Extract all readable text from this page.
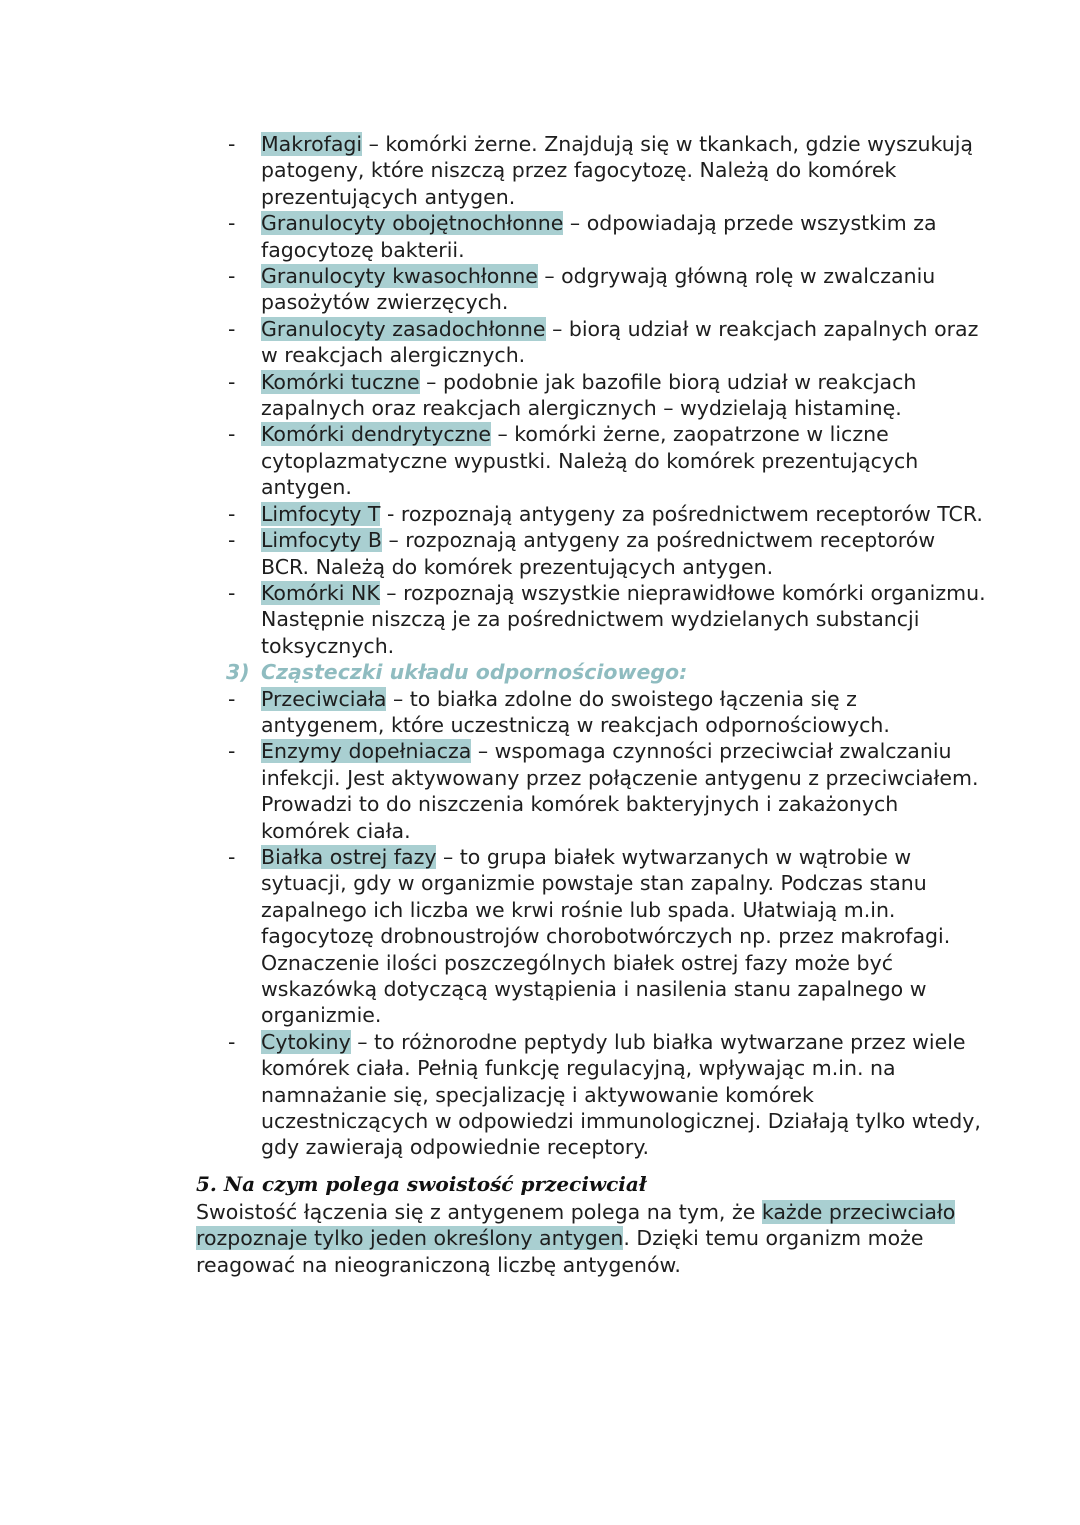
- Makrofagi – komórki żerne. Znajdują się w tkankach, gdzie wyszukują patogeny, które niszczą przez fagocytozę. Należą do komórek prezentujących antygen.
- Granulocyty obojętnochłonne – odpowiadają przede wszystkim za fagocytozę bakterii.
- Granulocyty kwasochłonne – odgrywają główną rolę w zwalczaniu pasożytów zwierzęcych.
- Granulocyty zasadochłonne – biorą udział w reakcjach zapalnych oraz w reakcjach alergicznych.
- Komórki tuczne – podobnie jak bazofile biorą udział w reakcjach zapalnych oraz reakcjach alergicznych – wydzielają histaminę.
- Komórki dendrytyczne – komórki żerne, zaopatrzone w liczne cytoplazmatyczne wypustki. Należą do komórek prezentujących antygen.
- Limfocyty T - rozpoznają antygeny za pośrednictwem receptorów TCR.
- Limfocyty B – rozpoznają antygeny za pośrednictwem receptorów BCR. Należą do komórek prezentujących antygen.
- Komórki NK – rozpoznają wszystkie nieprawidłowe komórki organizmu. Następnie niszczą je za pośrednictwem wydzielanych substancji toksycznych.
3) Cząsteczki układu odpornościowego:
- Przeciwciała – to białka zdolne do swoistego łączenia się z antygenem, które uczestniczą w reakcjach odpornościowych.
- Enzymy dopełniacza – wspomaga czynności przeciwciał zwalczaniu infekcji. Jest aktywowany przez połączenie antygenu z przeciwciałem. Prowadzi to do niszczenia komórek bakteryjnych i zakażonych komórek ciała.
- Białka ostrej fazy – to grupa białek wytwarzanych w wątrobie w sytuacji, gdy w organizmie powstaje stan zapalny. Podczas stanu zapalnego ich liczba we krwi rośnie lub spada. Ułatwiają m.in. fagocytozę drobnoustrojów chorobotwórczych np. przez makrofagi. Oznaczenie ilości poszczególnych białek ostrej fazy może być wskazówką dotyczącą wystąpienia i nasilenia stanu zapalnego w organizmie.
- Cytokiny – to różnorodne peptydy lub białka wytwarzane przez wiele komórek ciała. Pełnią funkcję regulacyjną, wpływając m.in. na namnażanie się, specjalizację i aktywowanie komórek uczestniczących w odpowiedzi immunologicznej. Działają tylko wtedy, gdy zawierają odpowiednie receptory.
5. Na czym polega swoistość przeciwciał
Swoistość łączenia się z antygenem polega na tym, że każde przeciwciało rozpoznaje tylko jeden określony antygen. Dzięki temu organizm może reagować na nieograniczoną liczbę antygenów.
